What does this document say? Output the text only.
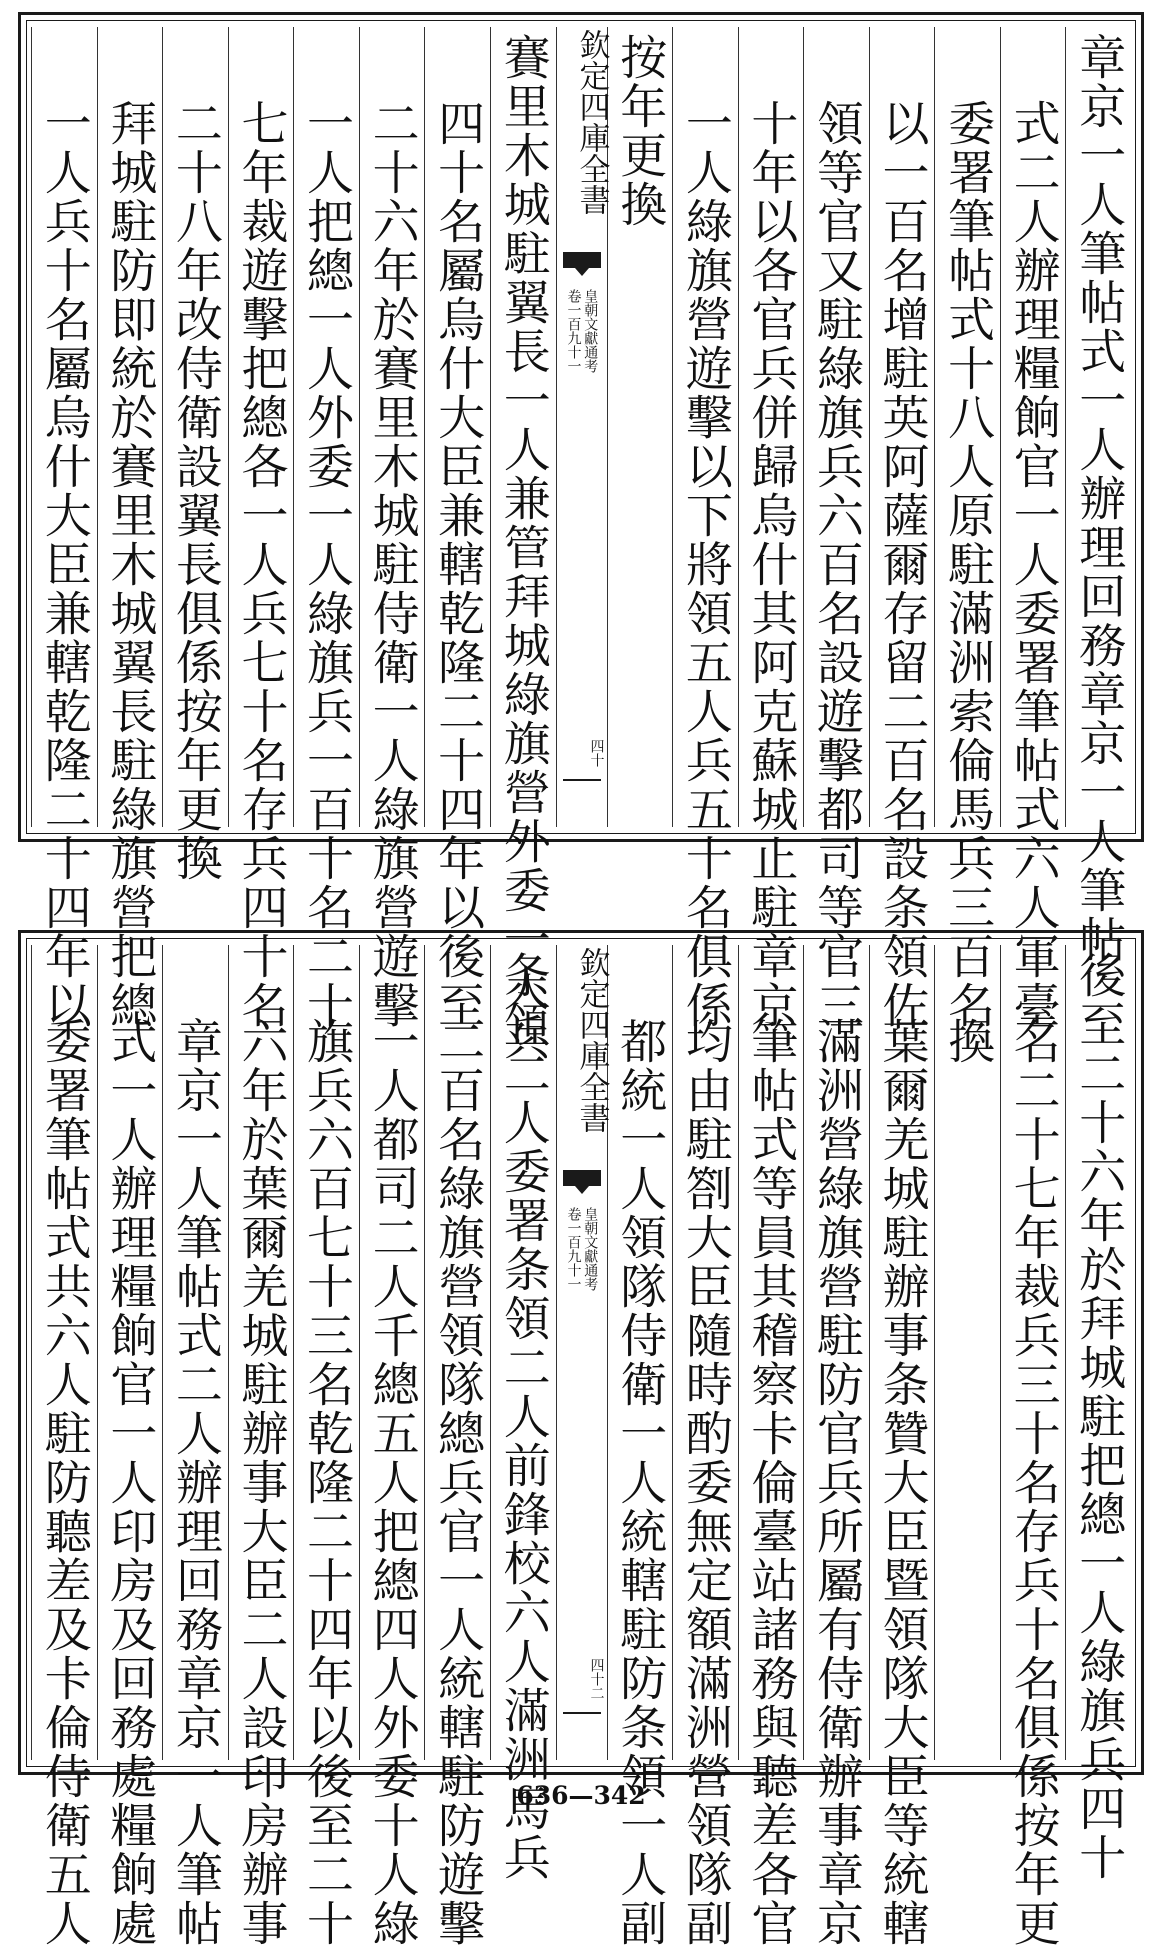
章京一人筆帖式一人辦理回務章京一人筆帖
式二人辦理糧餉官一人委署筆帖式六人軍臺
委署筆帖式十八人原駐滿洲索倫馬兵三百名
以一百名增駐英阿薩爾存留二百名設条領佐
領等官又駐綠旗兵六百名設遊擊都司等官三
十年以各官兵併歸烏什其阿克蘇城止駐章京
一人綠旗營遊擊以下將領五人兵五十名俱係
按年更換
欽定四庫全書
皇朝文獻通考
卷一百九十一
四十
賽里木城駐翼長一人兼管拜城綠旗營外委一人兵
四十名屬烏什大臣兼轄乾隆二十四年以後至
二十六年於賽里木城駐侍衛一人綠旗營遊擊
一人把總一人外委一人綠旗兵一百十名二十
七年裁遊擊把總各一人兵七十名存兵四十名
二十八年改侍衛設翼長俱係按年更換
拜城駐防即統於賽里木城翼長駐綠旗營把總
一人兵十名屬烏什大臣兼轄乾隆二十四年以
後至二十六年於拜城駐把總一人綠旗兵四十
名二十七年裁兵三十名存兵十名俱係按年更
換
葉爾羌城駐辦事条贊大臣暨領隊大臣等統轄
滿洲營綠旗營駐防官兵所屬有侍衛辦事章京
筆帖式等員其稽察卡倫臺站諸務與聽差各官
均由駐劄大臣隨時酌委無定額滿洲營領隊副
都統一人領隊侍衛一人統轄駐防条領一人副
欽定四庫全書
皇朝文獻通考
卷一百九十一
四十二
条領二人委署条領二人前鋒校六人滿洲馬兵
二百名綠旗營領隊總兵官一人統轄駐防遊擊
一人都司二人千總五人把總四人外委十人綠
旗兵六百七十三名乾隆二十四年以後至二十
六年於葉爾羌城駐辦事大臣二人設印房辦事
章京一人筆帖式二人辦理回務章京一人筆帖
式一人辦理糧餉官一人印房及回務處糧餉處
委署筆帖式共六人駐防聽差及卡倫侍衛五人	636—342
